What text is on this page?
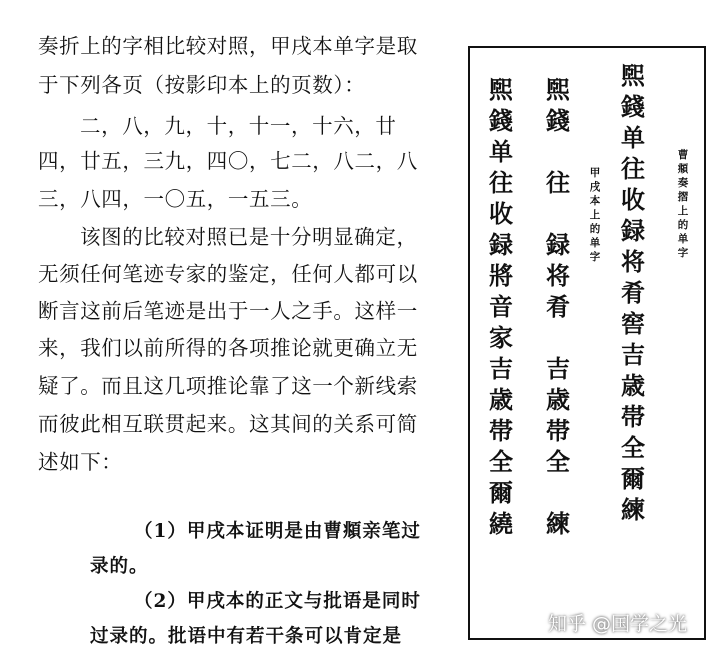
奏折上的字相比较对照，甲戌本单字是取
于下列各页（按影印本上的页数）：
二，八，九，十，十一，十六，廿
四，廿五，三九，四〇，七二，八二，八
三，八四，一〇五，一五三。
该图的比较对照已是十分明显确定，
无须任何笔迹专家的鉴定，任何人都可以
断言这前后笔迹是出于一人之手。这样一
来，我们以前所得的各项推论就更确立无
疑了。而且这几项推论靠了这一个新线索
而彼此相互联贯起来。这其间的关系可简
述如下：
（1）甲戌本证明是由曹頫亲笔过
录的。
（2）甲戌本的正文与批语是同时
过录的。批语中有若干条可以肯定是
曹
頫
奏
摺
上
的
单
字
煕
錢
单
往
收
録
将
肴
窖
吉
歳
帯
全
爾
練
甲
戌
本
上
的
单
字
煕
錢
往
録
将
肴
吉
歳
帯
全
練
煕
錢
单
往
收
録
將
音
家
吉
歳
帯
全
爾
繞
知乎 @国学之光
